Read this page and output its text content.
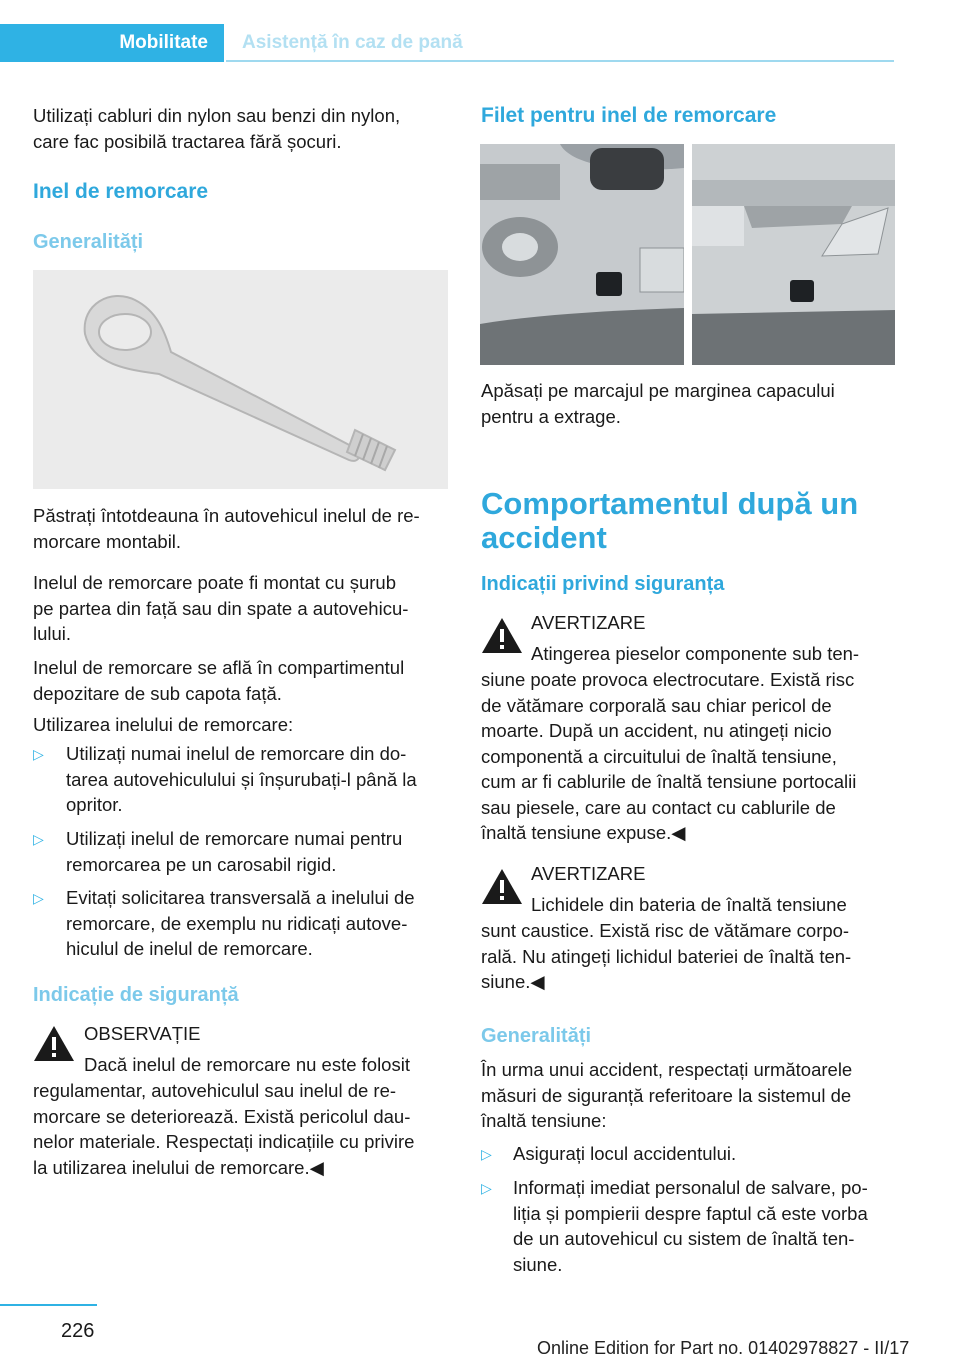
Mobilitate Asistență în caz de pană
Utilizați cabluri din nylon sau benzi din nylon,
care fac posibilă tractarea fără șocuri.
Inel de remorcare
Generalități
Păstrați întotdeauna în autovehicul inelul de re‐
morcare montabil.
Inelul de remorcare poate fi montat cu șurub
pe partea din față sau din spate a autovehicu‐
lului.
Inelul de remorcare se află în compartimentul
depozitare de sub capota față.
Utilizarea inelului de remorcare:
▷ Utilizați numai inelul de remorcare din do‐
tarea autovehiculului și înșurubați-l până la
opritor.
▷ Utilizați inelul de remorcare numai pentru
remorcarea pe un carosabil rigid.
▷ Evitați solicitarea transversală a inelului de
remorcare, de exemplu nu ridicați autove‐
hiculul de inelul de remorcare.
Indicație de siguranță
OBSERVAȚIE
Dacă inelul de remorcare nu este folosit
regulamentar, autovehiculul sau inelul de re‐
morcare se deteriorează. Există pericolul dau‐
nelor materiale. Respectați indicațiile cu privire
la utilizarea inelului de remorcare.◀
Filet pentru inel de remorcare
Apăsați pe marcajul pe marginea capacului
pentru a extrage.
Comportamentul după un
accident
Indicații privind siguranța
AVERTIZARE
Atingerea pieselor componente sub ten‐
siune poate provoca electrocutare. Există risc
de vătămare corporală sau chiar pericol de
moarte. După un accident, nu atingeți nicio
componentă a circuitului de înaltă tensiune,
cum ar fi cablurile de înaltă tensiune portocalii
sau piesele, care au contact cu cablurile de
înaltă tensiune expuse.◀
AVERTIZARE
Lichidele din bateria de înaltă tensiune
sunt caustice. Există risc de vătămare corpo‐
rală. Nu atingeți lichidul bateriei de înaltă ten‐
siune.◀
Generalități
În urma unui accident, respectați următoarele
măsuri de siguranță referitoare la sistemul de
înaltă tensiune:
▷ Asigurați locul accidentului.
▷ Informați imediat personalul de salvare, po‐
liția și pompierii despre faptul că este vorba
de un autovehicul cu sistem de înaltă ten‐
siune.
226
Online Edition for Part no. 01402978827 - II/17
